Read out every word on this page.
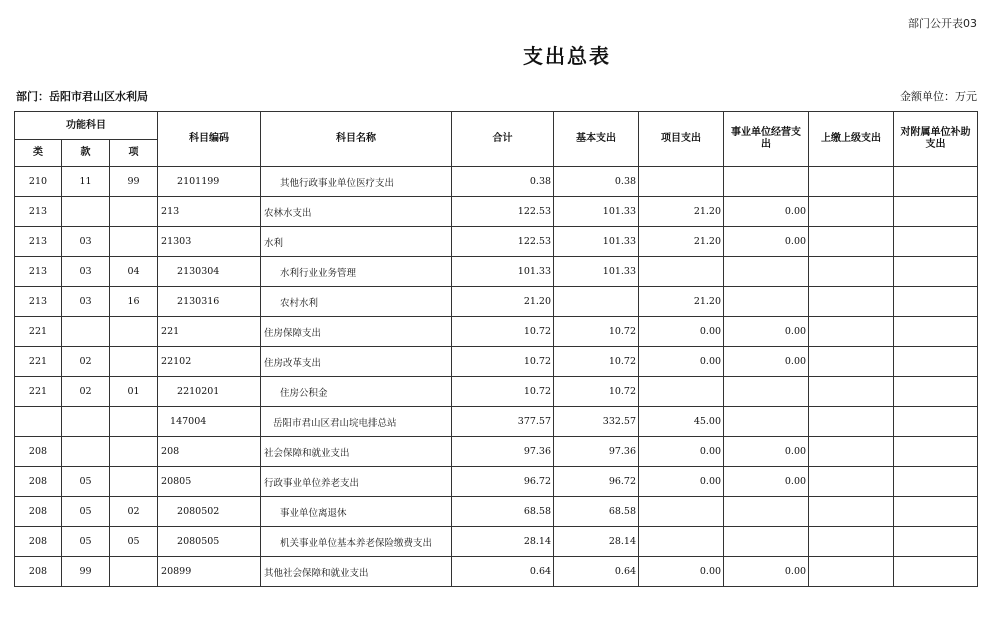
部门公开表03
支出总表
部门：岳阳市君山区水利局	金额单位：万元
功能科目			科目编码	科目名称	合计	基本支出	项目支出	事业单位经营支出	上缴上级支出	对附属单位补助支出
类	款	项								
210	11	99	2101199	其他行政事业单位医疗支出	0.38	0.38				
213			213	农林水支出	122.53	101.33	21.20	0.00		
213	03		21303	水利	122.53	101.33	21.20	0.00		
213	03	04	2130304	水利行业业务管理	101.33	101.33				
213	03	16	2130316	农村水利	21.20		21.20			
221			221	住房保障支出	10.72	10.72	0.00	0.00		
221	02		22102	住房改革支出	10.72	10.72	0.00	0.00		
221	02	01	2210201	住房公积金	10.72	10.72				
			147004	岳阳市君山区君山垸电排总站	377.57	332.57	45.00			
208			208	社会保障和就业支出	97.36	97.36	0.00	0.00		
208	05		20805	行政事业单位养老支出	96.72	96.72	0.00	0.00		
208	05	02	2080502	事业单位离退休	68.58	68.58				
208	05	05	2080505	机关事业单位基本养老保险缴费支出	28.14	28.14				
208	99		20899	其他社会保障和就业支出	0.64	0.64	0.00	0.00		
